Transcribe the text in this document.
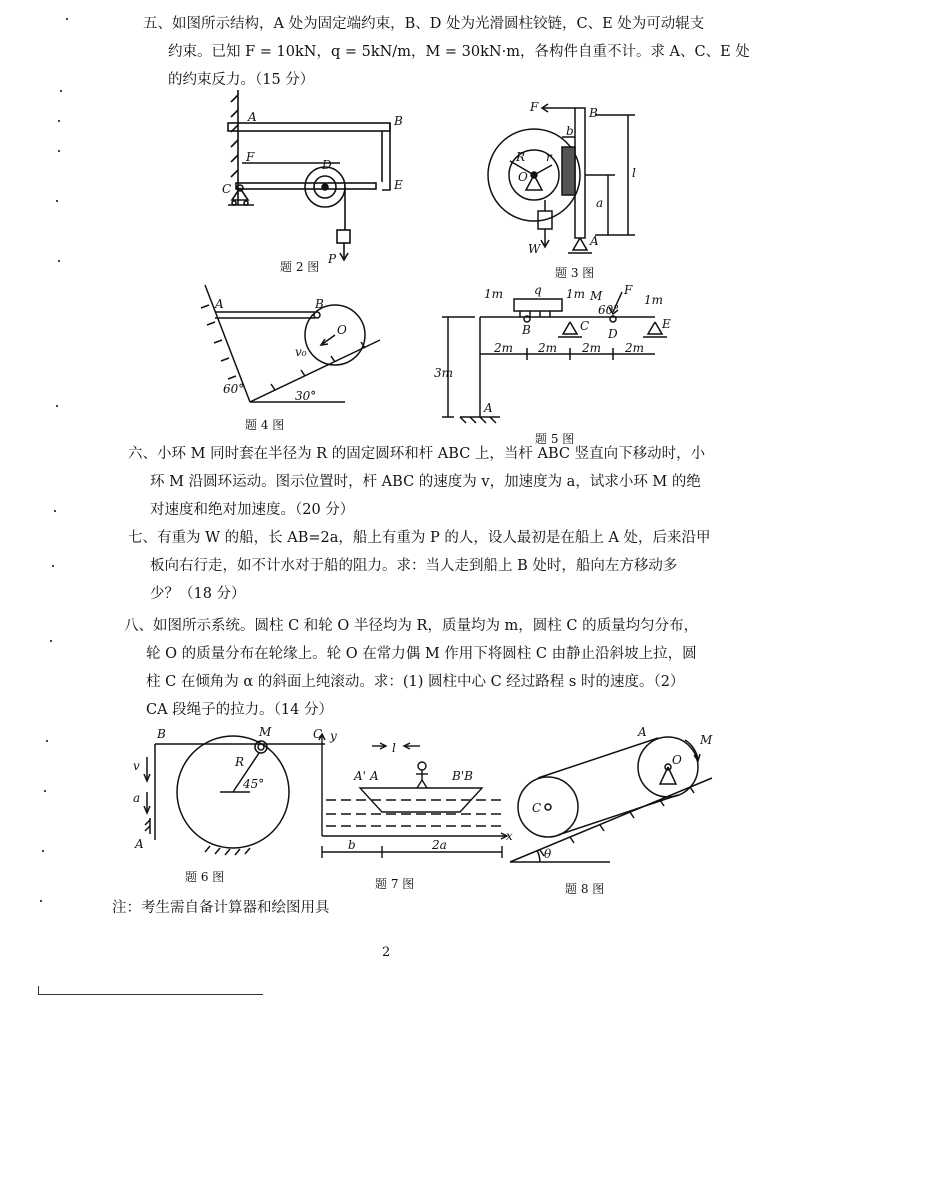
五、如图所示结构，A 处为固定端约束，B、D 处为光滑圆柱铰链，C、E 处为可动辊支
约束。已知 F = 10kN，q = 5kN/m，M = 30kN·m，各构件自重不计。求 A、C、E 处
的约束反力。（15 分）
A	B
F
D
C	E
P
题 2 图
F	B
b
R r
O	l
a
W
A
题 3 图
A	B
O
v₀
60°	30°
题 4 图
1m	q 1m M
60°
F
1m
B	C
D
E
2m 2m 2m 2m
3m
A
题 5 图
六、小环 M 同时套在半径为 R 的固定圆环和杆 ABC 上，当杆 ABC 竖直向下移动时，小
环 M 沿圆环运动。图示位置时，杆 ABC 的速度为 v，加速度为 a，试求小环 M 的绝
对速度和绝对加速度。（20 分）
七、有重为 W 的船，长 AB=2a，船上有重为 P 的人，设人最初是在船上 A 处，后来沿甲
板向右行走，如不计水对于船的阻力。求：当人走到船上 B 处时，船向左方移动多
少？（18 分）
八、如图所示系统。圆柱 C 和轮 O 半径均为 R，质量均为 m，圆柱 C 的质量均匀分布，
轮 O 的质量分布在轮缘上。轮 O 在常力偶 M 作用下将圆柱 C 由静止沿斜坡上拉，圆
柱 C 在倾角为 α 的斜面上纯滚动。求：(1) 圆柱中心 C 经过路程 s 时的速度。（2）
CA 段绳子的拉力。（14 分）
B	M	C
v	R
45°
a
A
题 6 图
y
l
A' A	B'B
x
b	2a
题 7 图
A
M
O
C
θ
题 8 图
注：考生需自备计算器和绘图用具
2
